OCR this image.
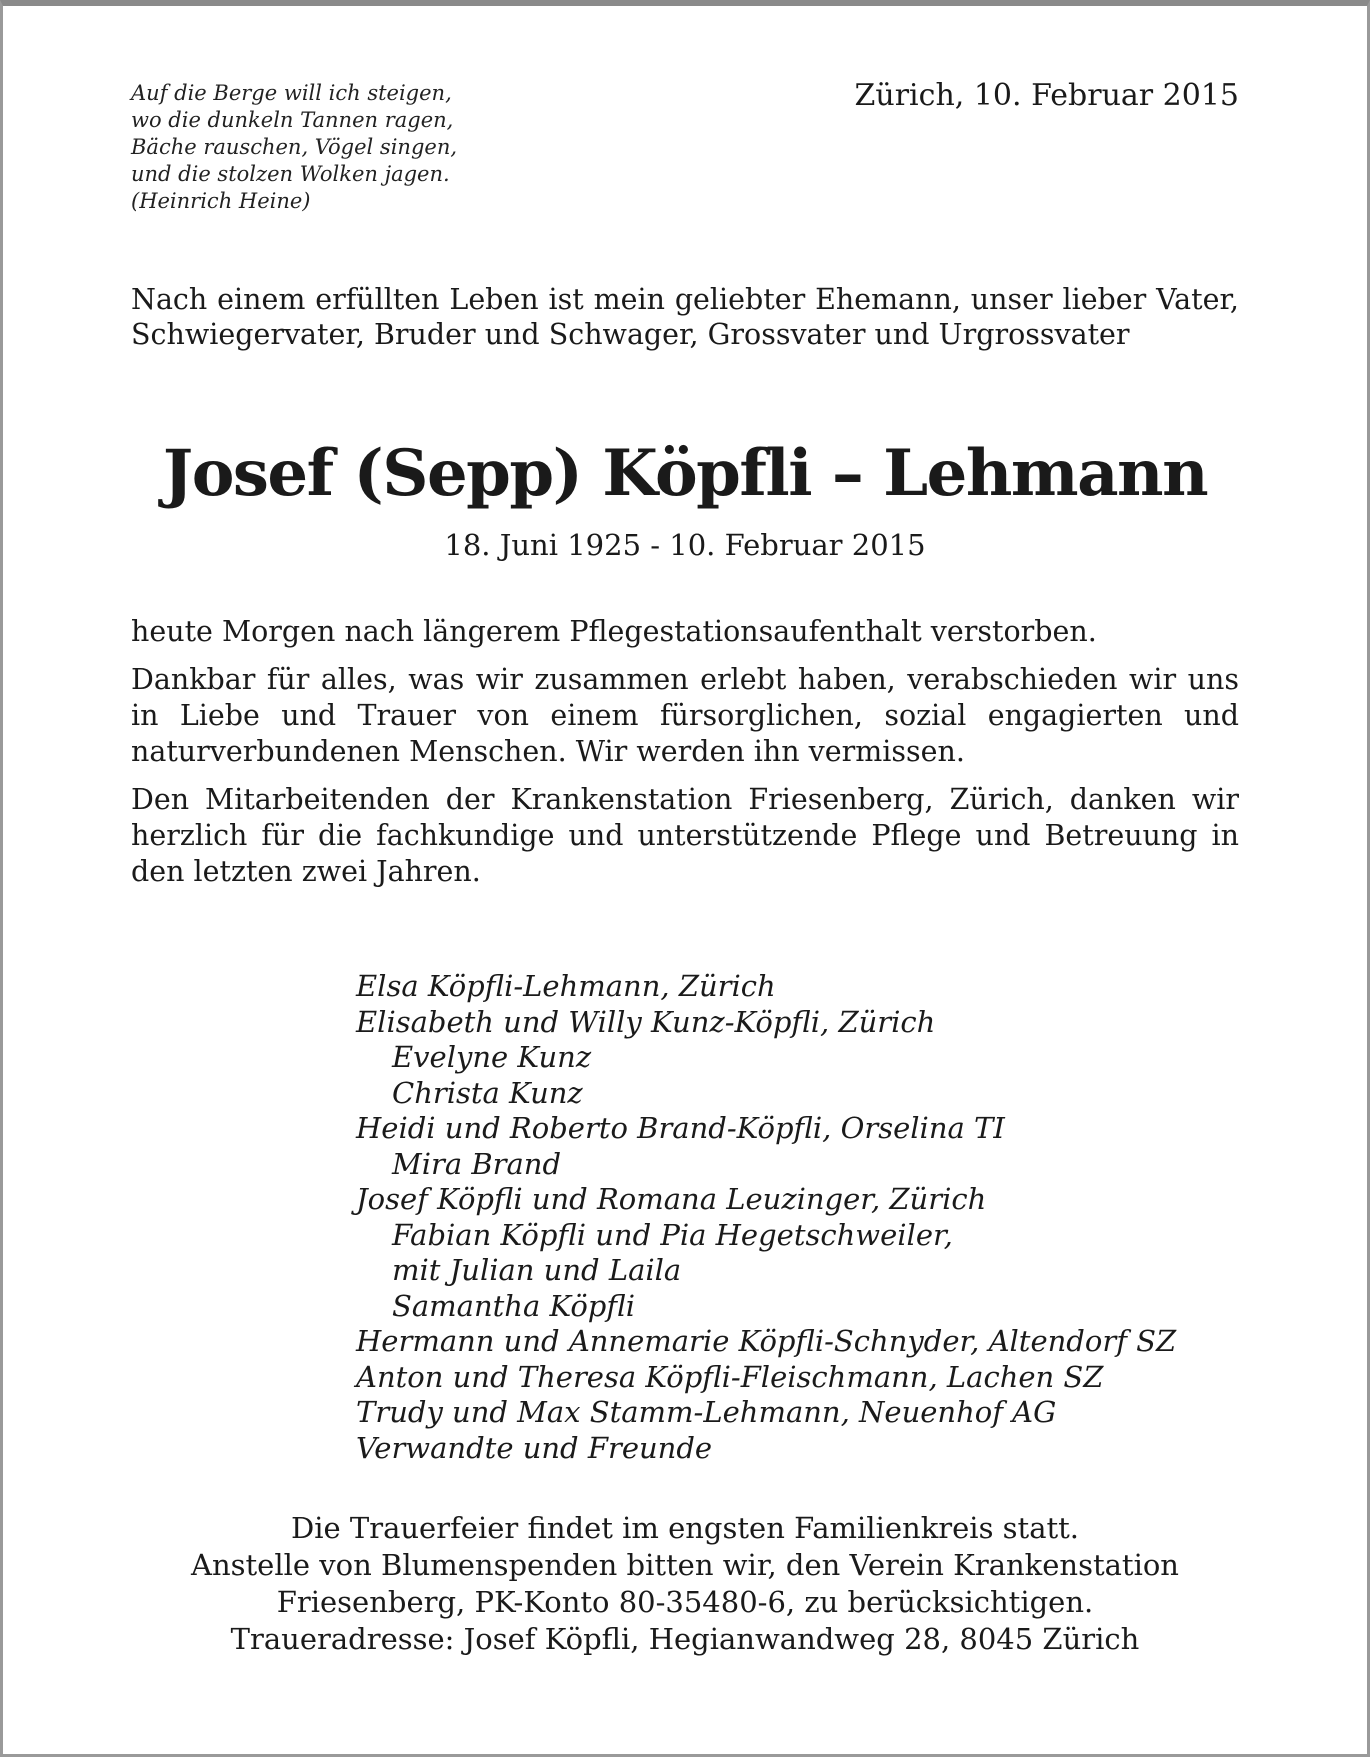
Auf die Berge will ich steigen,
wo die dunkeln Tannen ragen,
Bäche rauschen, Vögel singen,
und die stolzen Wolken jagen.
(Heinrich Heine)
Zürich, 10. Februar 2015
Nach einem erfüllten Leben ist mein geliebter Ehemann, unser lieber Vater, Schwiegervater, Bruder und Schwager, Grossvater und Urgrossvater
Josef (Sepp) Köpfli – Lehmann
18. Juni 1925 - 10. Februar 2015

heute Morgen nach längerem Pflegestationsaufenthalt verstorben.

Dankbar für alles, was wir zusammen erlebt haben, verabschieden wir uns in Liebe und Trauer von einem fürsorglichen, sozial engagierten und naturverbundenen Menschen. Wir werden ihn vermissen.

Den Mitarbeitenden der Krankenstation Friesenberg, Zürich, danken wir herzlich für die fachkundige und unterstützende Pflege und Betreuung in den letzten zwei Jahren.

Elsa Köpfli-Lehmann, Zürich
Elisabeth und Willy Kunz-Köpfli, Zürich
Evelyne Kunz
Christa Kunz
Heidi und Roberto Brand-Köpfli, Orselina TI
Mira Brand
Josef Köpfli und Romana Leuzinger, Zürich
Fabian Köpfli und Pia Hegetschweiler,
mit Julian und Laila
Samantha Köpfli
Hermann und Annemarie Köpfli-Schnyder, Altendorf SZ
Anton und Theresa Köpfli-Fleischmann, Lachen SZ
Trudy und Max Stamm-Lehmann, Neuenhof AG
Verwandte und Freunde
Die Trauerfeier findet im engsten Familienkreis statt.
Anstelle von Blumenspenden bitten wir, den Verein Krankenstation
Friesenberg, PK-Konto 80-35480-6, zu berücksichtigen.
Traueradresse: Josef Köpfli, Hegianwandweg 28, 8045 Zürich
